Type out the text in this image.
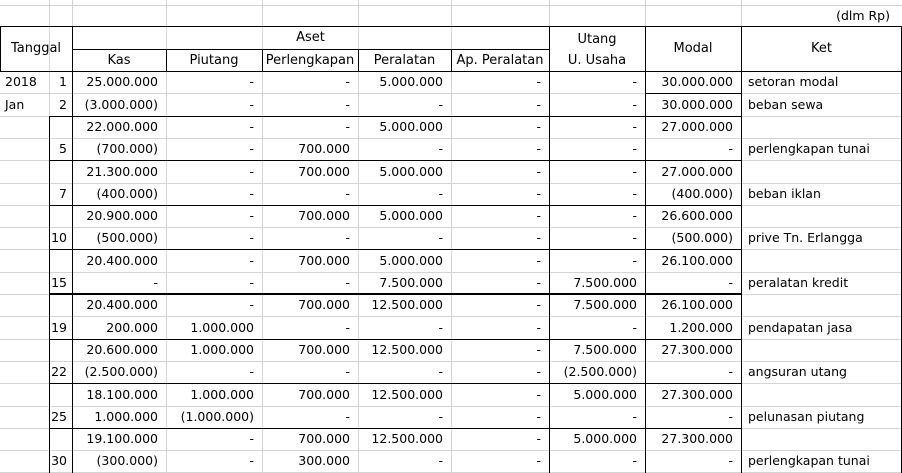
(dlm Rp)
Tanggal
Aset	Utang
Modal	Ket
Kas	Piutang	Perlengkapan	Peralatan	Ap. Peralatan	U. Usaha
2018	1	25.000.000	-	-	5.000.000	-	-	30.000.000	setoran modal
Jan	2	(3.000.000)	-	-	-	-	-	30.000.000	beban sewa
22.000.000	-	-	5.000.000	-	-	27.000.000
5	(700.000)	-	700.000	-	-	-	-	perlengkapan tunai
21.300.000	-	700.000	5.000.000	-	-	27.000.000
7	(400.000)	-	-	-	-	-	(400.000)	beban iklan
20.900.000	-	700.000	5.000.000	-	-	26.600.000
10	(500.000)	-	-	-	-	-	(500.000)	prive Tn. Erlangga
20.400.000	-	700.000	5.000.000	-	-	26.100.000
15	-	-	-	7.500.000	-	7.500.000	-	peralatan kredit
20.400.000	-	700.000	12.500.000	-	7.500.000	26.100.000
19	200.000	1.000.000	-	-	-	-	1.200.000	pendapatan jasa
20.600.000	1.000.000	700.000	12.500.000	-	7.500.000	27.300.000
22	(2.500.000)	-	-	-	-	(2.500.000)	-	angsuran utang
18.100.000	1.000.000	700.000	12.500.000	-	5.000.000	27.300.000
25	1.000.000	(1.000.000)	-	-	-	-	-	pelunasan piutang
19.100.000	-	700.000	12.500.000	-	5.000.000	27.300.000
30	(300.000)	-	300.000	-	-	-	-	perlengkapan tunai
